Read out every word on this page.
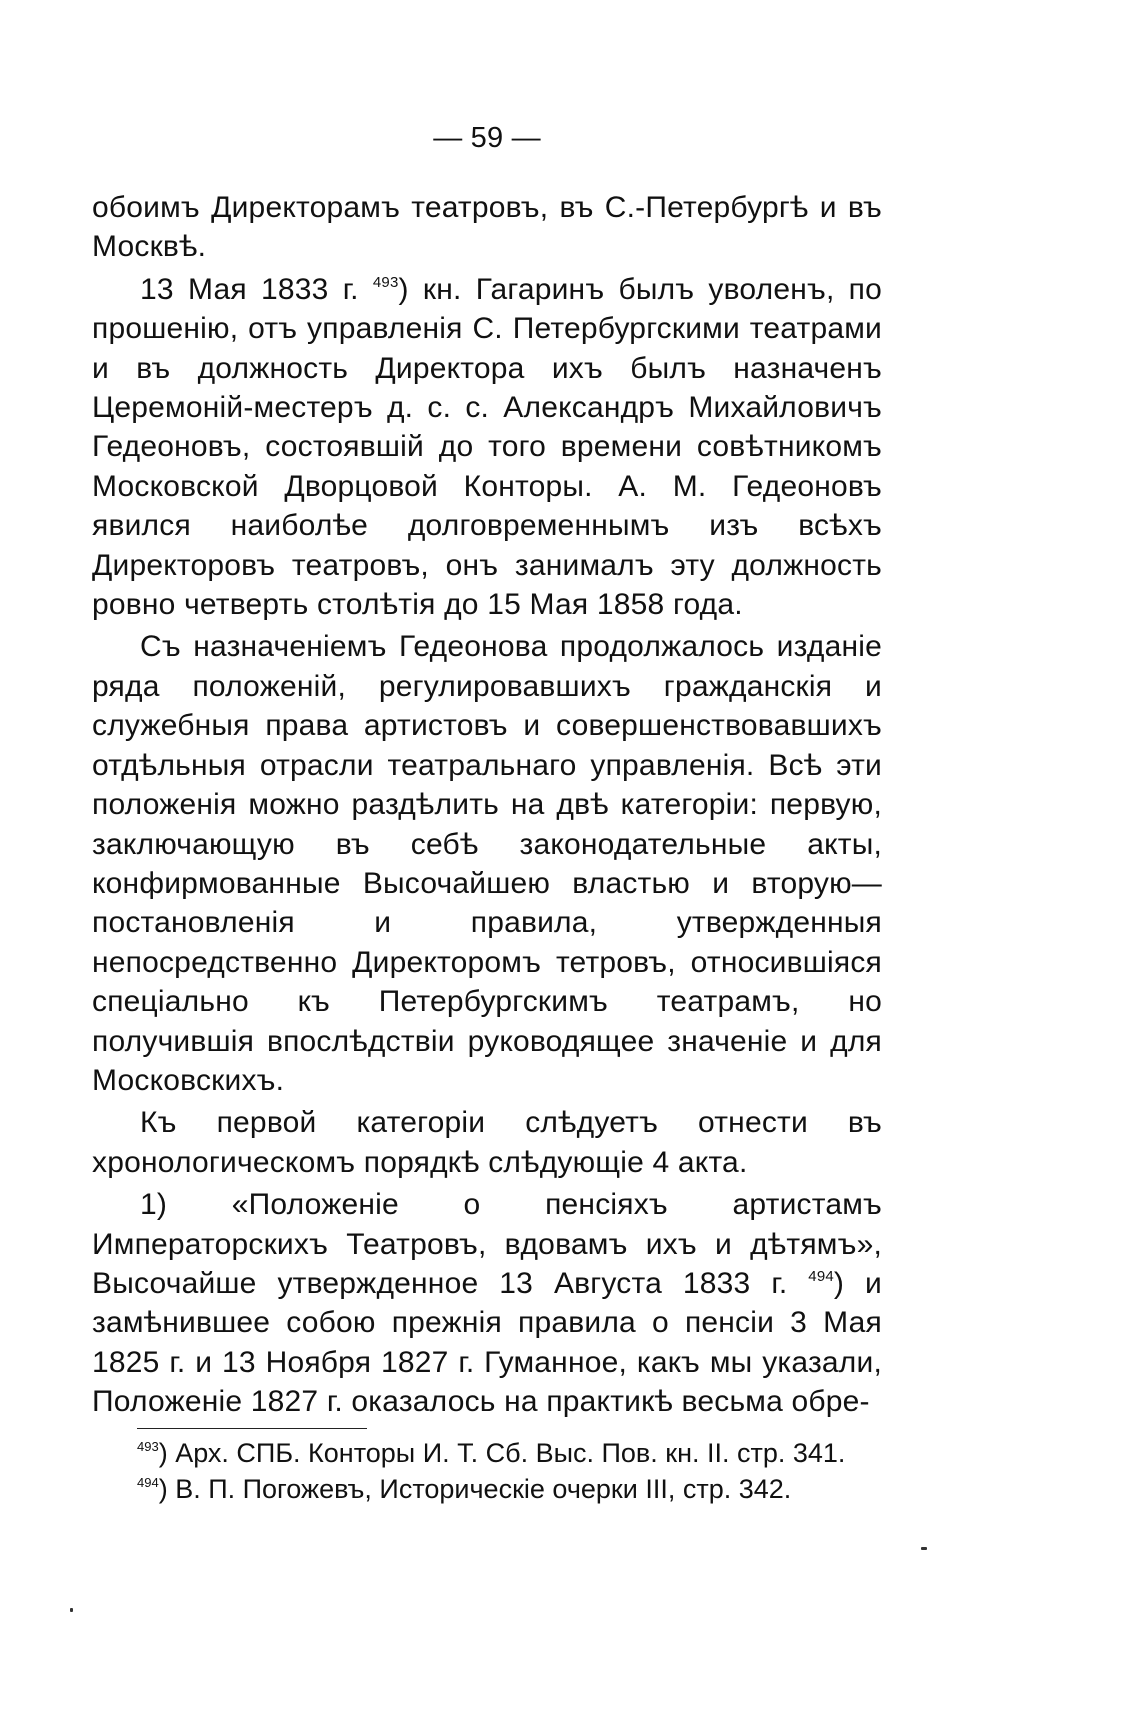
— 59 —

обоимъ Директорамъ театровъ, въ С.-Петербургѣ и въ Москвѣ.

13 Мая 1833 г. $^{493}$) кн. Гагаринъ былъ уволенъ, по прошенію, отъ управленія С. Петербургскими театрами и въ должность Директора ихъ былъ назначенъ Церемоній-местеръ д. с. с. Александръ Михайловичъ Гедеоновъ, состоявшій до того времени совѣтникомъ Московской Дворцовой Конторы. А. М. Гедеоновъ явился наиболѣе долговременнымъ изъ всѣхъ Директоровъ театровъ, онъ занималъ эту должность ровно четверть столѣтія до 15 Мая 1858 года.

Съ назначеніемъ Гедеонова продолжалось изданіе ряда положеній, регулировавшихъ гражданскія и служебныя права артистовъ и совершенствовавшихъ отдѣльныя отрасли театральнаго управленія. Всѣ эти положенія можно раздѣлить на двѣ категоріи: первую, заключающую въ себѣ законодательные акты, конфирмованные Высочайшею властью и вторую—постановленія и правила, утвержденныя непосредственно Директоромъ тетровъ, относившіяся спеціально къ Петербургскимъ театрамъ, но получившія впослѣдствіи руководящее значеніе и для Московскихъ.

Къ первой категоріи слѣдуетъ отнести въ хронологическомъ порядкѣ слѣдующіе 4 акта.

1) «Положеніе о пенсіяхъ артистамъ Императорскихъ Театровъ, вдовамъ ихъ и дѣтямъ», Высочайше утвержденное 13 Августа 1833 г. $^{494}$) и замѣнившее собою прежнія правила о пенсіи 3 Мая 1825 г. и 13 Ноября 1827 г. Гуманное, какъ мы указали, Положеніе 1827 г. оказалось на практикѣ весьма обре-

$^{493}$) Арх. СПБ. Конторы И. Т. Сб. Выс. Пов. кн. II. стр. 341.

$^{494}$) В. П. Погожевъ, Историческіе очерки III, стр. 342.
